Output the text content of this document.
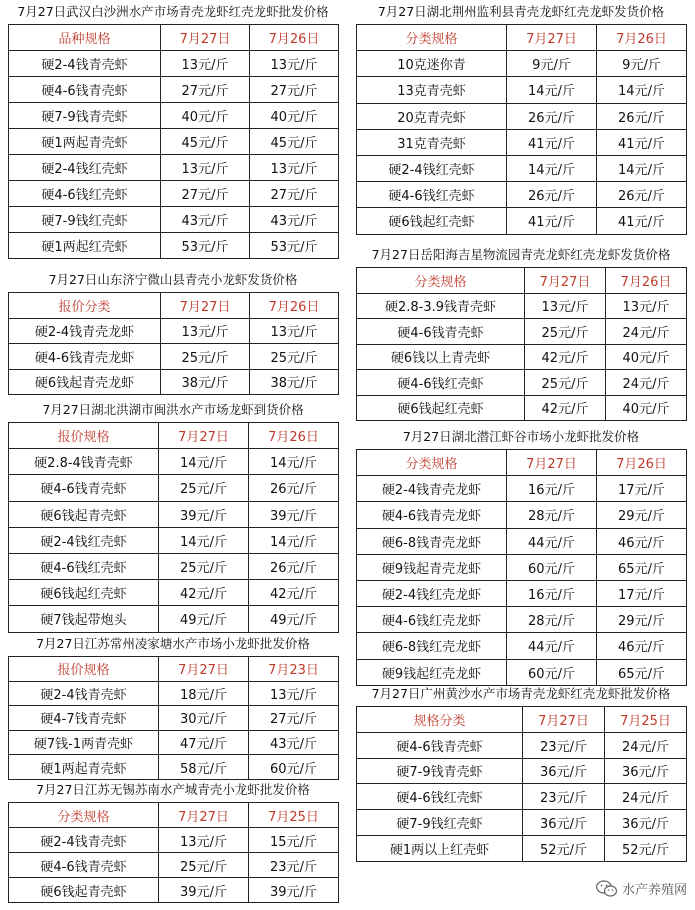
7月27日武汉白沙洲水产市场青壳龙虾红壳龙虾批发价格
品种规格	7月27日	7月26日
硬2-4钱青壳虾	13元/斤	13元/斤
硬4-6钱青壳虾	27元/斤	27元/斤
硬7-9钱青壳虾	40元/斤	40元/斤
硬1两起青壳虾	45元/斤	45元/斤
硬2-4钱红壳虾	13元/斤	13元/斤
硬4-6钱红壳虾	27元/斤	27元/斤
硬7-9钱红壳虾	43元/斤	43元/斤
硬1两起红壳虾	53元/斤	53元/斤
7月27日山东济宁微山县青壳小龙虾发货价格
报价分类	7月27日	7月26日
硬2-4钱青壳龙虾	13元/斤	13元/斤
硬4-6钱青壳龙虾	25元/斤	25元/斤
硬6钱起青壳龙虾	38元/斤	38元/斤
7月27日湖北洪湖市闽洪水产市场龙虾到货价格
报价规格	7月27日	7月26日
硬2.8-4钱青壳虾	14元/斤	14元/斤
硬4-6钱青壳虾	25元/斤	26元/斤
硬6钱起青壳虾	39元/斤	39元/斤
硬2-4钱红壳虾	14元/斤	14元/斤
硬4-6钱红壳虾	25元/斤	26元/斤
硬6钱起红壳虾	42元/斤	42元/斤
硬7钱起带炮头	49元/斤	49元/斤
7月27日江苏常州凌家塘水产市场小龙虾批发价格
报价规格	7月27日	7月23日
硬2-4钱青壳虾	18元/斤	13元/斤
硬4-7钱青壳虾	30元/斤	27元/斤
硬7钱-1两青壳虾	47元/斤	43元/斤
硬1两起青壳虾	58元/斤	60元/斤
7月27日江苏无锡苏南水产城青壳小龙虾批发价格
分类规格	7月27日	7月25日
硬2-4钱青壳虾	13元/斤	15元/斤
硬4-6钱青壳虾	25元/斤	23元/斤
硬6钱起青壳虾	39元/斤	39元/斤
7月27日湖北荆州监利县青壳龙虾红壳龙虾发货价格
分类规格	7月27日	7月26日
10克迷你青	9元/斤	9元/斤
13克青壳虾	14元/斤	14元/斤
20克青壳虾	26元/斤	26元/斤
31克青壳虾	41元/斤	41元/斤
硬2-4钱红壳虾	14元/斤	14元/斤
硬4-6钱红壳虾	26元/斤	26元/斤
硬6钱起红壳虾	41元/斤	41元/斤
7月27日岳阳海吉星物流园青壳龙虾红壳龙虾发货价格
分类规格	7月27日	7月26日
硬2.8-3.9钱青壳虾	13元/斤	13元/斤
硬4-6钱青壳虾	25元/斤	24元/斤
硬6钱以上青壳虾	42元/斤	40元/斤
硬4-6钱红壳虾	25元/斤	24元/斤
硬6钱起红壳虾	42元/斤	40元/斤
7月27日湖北潜江虾谷市场小龙虾批发价格
分类规格	7月27日	7月26日
硬2-4钱青壳龙虾	16元/斤	17元/斤
硬4-6钱青壳龙虾	28元/斤	29元/斤
硬6-8钱青壳龙虾	44元/斤	46元/斤
硬9钱起青壳龙虾	60元/斤	65元/斤
硬2-4钱红壳龙虾	16元/斤	17元/斤
硬4-6钱红壳龙虾	28元/斤	29元/斤
硬6-8钱红壳龙虾	44元/斤	46元/斤
硬9钱起红壳龙虾	60元/斤	65元/斤
7月27日广州黄沙水产市场青壳龙虾红壳龙虾批发价格
规格分类	7月27日	7月25日
硬4-6钱青壳虾	23元/斤	24元/斤
硬7-9钱青壳虾	36元/斤	36元/斤
硬4-6钱红壳虾	23元/斤	24元/斤
硬7-9钱红壳虾	36元/斤	36元/斤
硬1两以上红壳虾	52元/斤	52元/斤
水产养殖网
